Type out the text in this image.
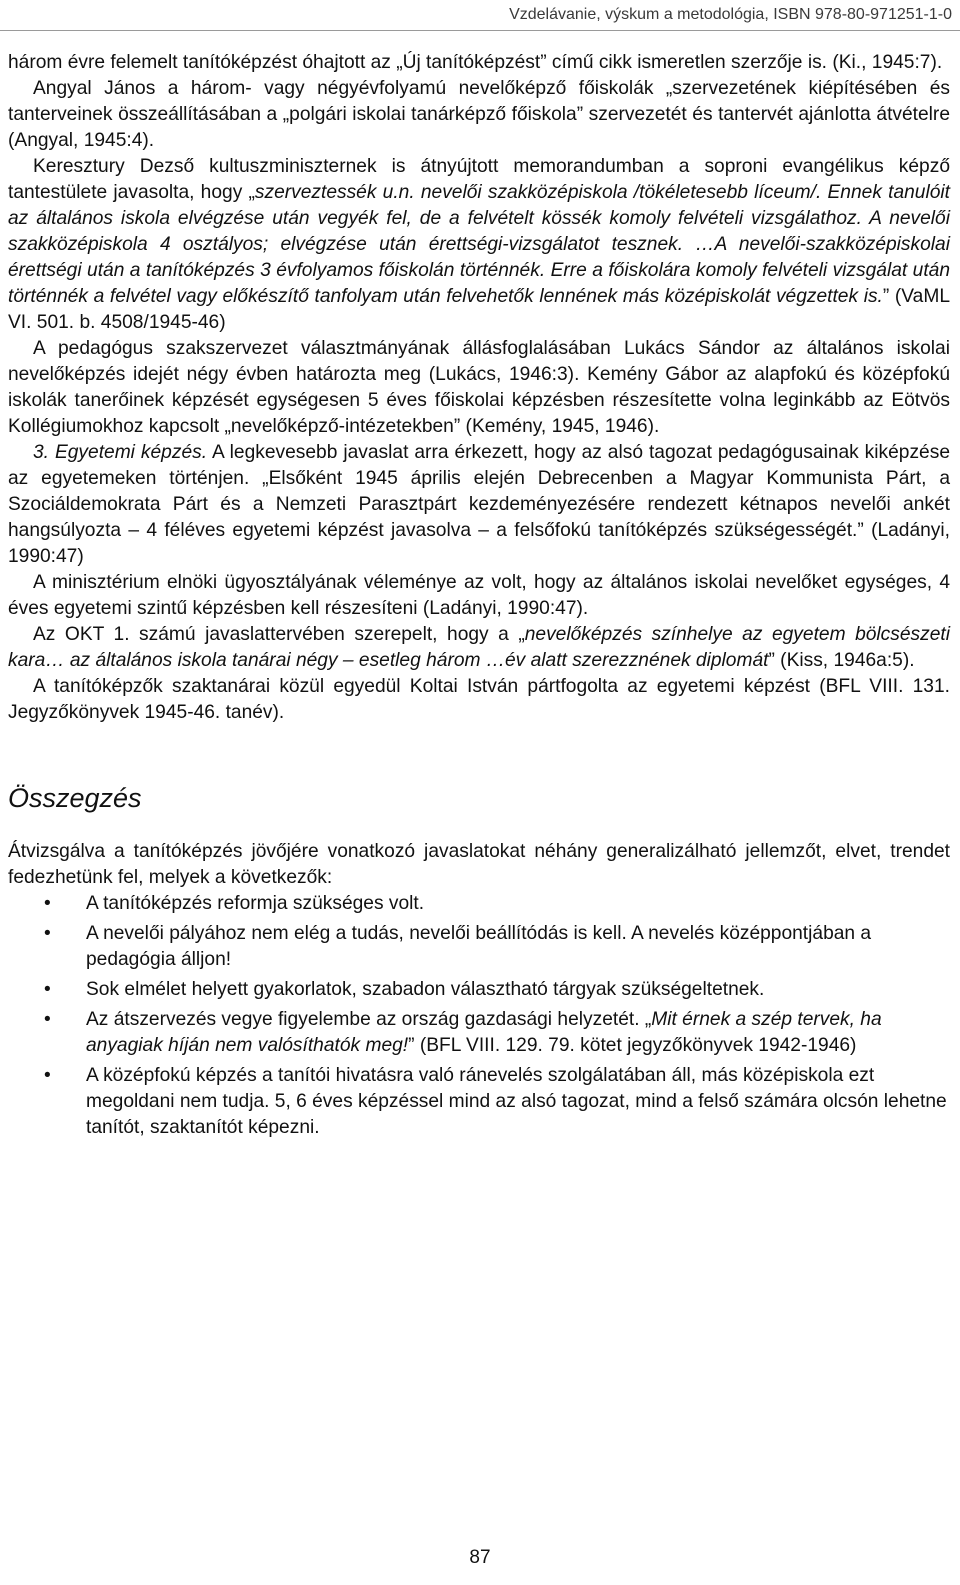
Vzdelávanie, výskum a metodológia, ISBN 978-80-971251-1-0

három évre felemelt tanítóképzést óhajtott az „Új tanítóképzést” című cikk ismeretlen szerzője is. (Ki., 1945:7).

Angyal János a három- vagy négyévfolyamú nevelőképző főiskolák „szervezetének kiépítésében és tanterveinek összeállításában a „polgári iskolai tanárképző főiskola” szervezetét és tantervét ajánlotta átvételre (Angyal, 1945:4).

Keresztury Dezső kultuszminiszternek is átnyújtott memorandumban a soproni evangélikus képző tantestülete javasolta, hogy „szerveztessék u.n. nevelői szakközépiskola /tökéletesebb líceum/. Ennek tanulóit az általános iskola elvégzése után vegyék fel, de a felvételt kössék komoly felvételi vizsgálathoz. A nevelői szakközépiskola 4 osztályos; elvégzése után érettségi-vizsgálatot tesznek. …A nevelői-szakközépiskolai érettségi után a tanítóképzés 3 évfolyamos főiskolán történnék. Erre a főiskolára komoly felvételi vizsgálat után történnék a felvétel vagy előkészítő tanfolyam után felvehetők lennének más középiskolát végzettek is.” (VaML VI. 501. b. 4508/1945-46)

A pedagógus szakszervezet választmányának állásfoglalásában Lukács Sándor az általános iskolai nevelőképzés idejét négy évben határozta meg (Lukács, 1946:3). Kemény Gábor az alapfokú és középfokú iskolák tanerőinek képzését egységesen 5 éves főiskolai képzésben részesítette volna leginkább az Eötvös Kollégiumokhoz kapcsolt „nevelőképző-intézetekben” (Kemény, 1945, 1946).

3. Egyetemi képzés. A legkevesebb javaslat arra érkezett, hogy az alsó tagozat pedagógusainak kiképzése az egyetemeken történjen. „Elsőként 1945 április elején Debrecenben a Magyar Kommunista Párt, a Szociáldemokrata Párt és a Nemzeti Parasztpárt kezdeményezésére rendezett kétnapos nevelői ankét hangsúlyozta – 4 féléves egyetemi képzést javasolva – a felsőfokú tanítóképzés szükségességét.” (Ladányi, 1990:47)

A minisztérium elnöki ügyosztályának véleménye az volt, hogy az általános iskolai nevelőket egységes, 4 éves egyetemi szintű képzésben kell részesíteni (Ladányi, 1990:47).

Az OKT 1. számú javaslattervében szerepelt, hogy a „nevelőképzés színhelye az egyetem bölcsészeti kara… az általános iskola tanárai négy – esetleg három …év alatt szerezznének diplomát” (Kiss, 1946a:5).

A tanítóképzők szaktanárai közül egyedül Koltai István pártfogolta az egyetemi képzést (BFL VIII. 131. Jegyzőkönyvek 1945-46. tanév).

Összegzés

Átvizsgálva a tanítóképzés jövőjére vonatkozó javaslatokat néhány generalizálható jellemzőt, elvet, trendet fedezhetünk fel, melyek a következők:

• A tanítóképzés reformja szükséges volt.
• A nevelői pályához nem elég a tudás, nevelői beállítódás is kell. A nevelés középpontjában a pedagógia álljon!
• Sok elmélet helyett gyakorlatok, szabadon választható tárgyak szükségeltetnek.
• Az átszervezés vegye figyelembe az ország gazdasági helyzetét. „Mit érnek a szép tervek, ha anyagiak híján nem valósíthatók meg!” (BFL VIII. 129. 79. kötet jegyzőkönyvek 1942-1946)
• A középfokú képzés a tanítói hivatásra való ránevelés szolgálatában áll, más középiskola ezt megoldani nem tudja. 5, 6 éves képzéssel mind az alsó tagozat, mind a felső számára olcsón lehetne tanítót, szaktanítót képezni.
87
